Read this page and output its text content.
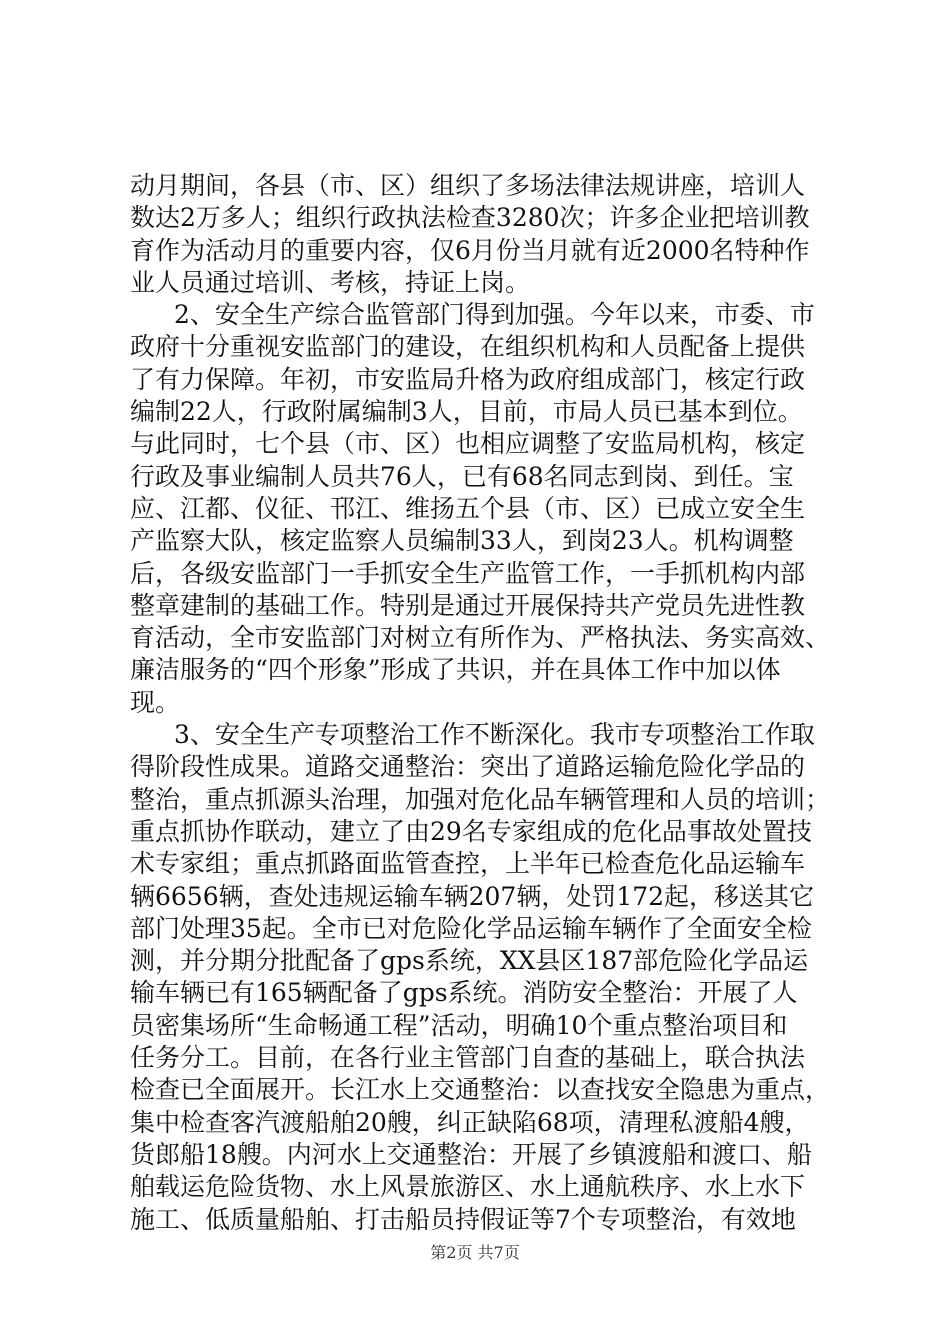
动月期间，各县（市、区）组织了多场法律法规讲座，培训人
数达2万多人；组织行政执法检查3280次；许多企业把培训教
育作为活动月的重要内容，仅6月份当月就有近2000名特种作
业人员通过培训、考核，持证上岗。
2、安全生产综合监管部门得到加强。今年以来，市委、市
政府十分重视安监部门的建设，在组织机构和人员配备上提供
了有力保障。年初，市安监局升格为政府组成部门，核定行政
编制22人，行政附属编制3人，目前，市局人员已基本到位。
与此同时，七个县（市、区）也相应调整了安监局机构，核定
行政及事业编制人员共76人，已有68名同志到岗、到任。宝
应、江都、仪征、邗江、维扬五个县（市、区）已成立安全生
产监察大队，核定监察人员编制33人，到岗23人。机构调整
后，各级安监部门一手抓安全生产监管工作，一手抓机构内部
整章建制的基础工作。特别是通过开展保持共产党员先进性教
育活动，全市安监部门对树立有所作为、严格执法、务实高效、
廉洁服务的“四个形象”形成了共识，并在具体工作中加以体
现。
3、安全生产专项整治工作不断深化。我市专项整治工作取
得阶段性成果。道路交通整治：突出了道路运输危险化学品的
整治，重点抓源头治理，加强对危化品车辆管理和人员的培训；
重点抓协作联动，建立了由29名专家组成的危化品事故处置技
术专家组；重点抓路面监管查控，上半年已检查危化品运输车
辆6656辆，查处违规运输车辆207辆，处罚172起，移送其它
部门处理35起。全市已对危险化学品运输车辆作了全面安全检
测，并分期分批配备了gps系统，XX县区187部危险化学品运
输车辆已有165辆配备了gps系统。消防安全整治：开展了人
员密集场所“生命畅通工程”活动，明确10个重点整治项目和
任务分工。目前，在各行业主管部门自查的基础上，联合执法
检查已全面展开。长江水上交通整治：以查找安全隐患为重点，
集中检查客汽渡船舶20艘，纠正缺陷68项，清理私渡船4艘，
货郎船18艘。内河水上交通整治：开展了乡镇渡船和渡口、船
舶载运危险货物、水上风景旅游区、水上通航秩序、水上水下
施工、低质量船舶、打击船员持假证等7个专项整治，有效地
第2页 共7页
